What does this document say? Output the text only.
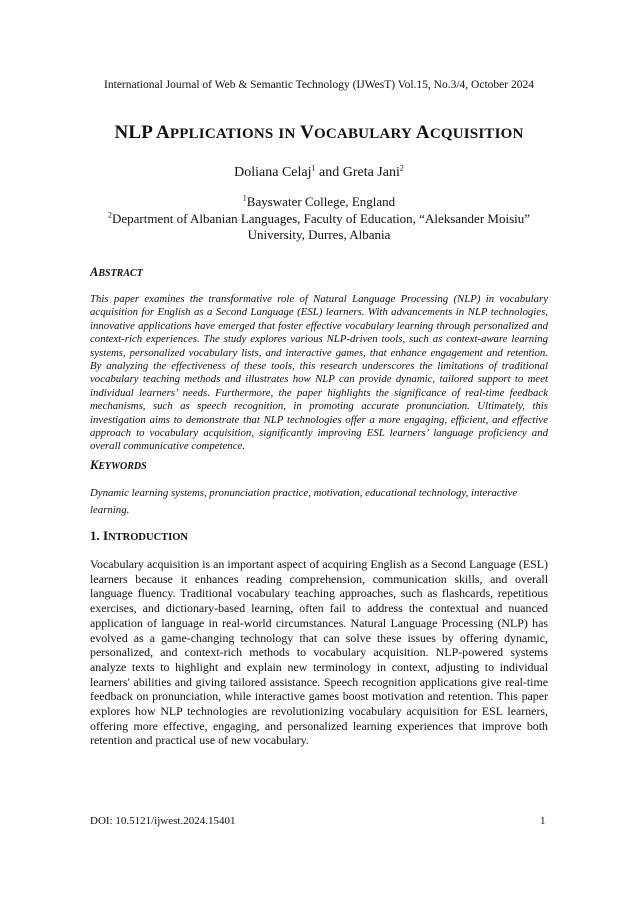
International Journal of Web & Semantic Technology (IJWesT) Vol.15, No.3/4, October 2024
NLP APPLICATIONS IN VOCABULARY ACQUISITION
Doliana Celaj$^1$ and Greta Jani$^2$
$^1$Bayswater College, England
$^2$Department of Albanian Languages, Faculty of Education, “Aleksander Moisiu”
University, Durres, Albania
ABSTRACT
This paper examines the transformative role of Natural Language Processing (NLP) in vocabulary acquisition for English as a Second Language (ESL) learners. With advancements in NLP technologies, innovative applications have emerged that foster effective vocabulary learning through personalized and context-rich experiences. The study explores various NLP-driven tools, such as context-aware learning systems, personalized vocabulary lists, and interactive games, that enhance engagement and retention. By analyzing the effectiveness of these tools, this research underscores the limitations of traditional vocabulary teaching methods and illustrates how NLP can provide dynamic, tailored support to meet individual learners’ needs. Furthermore, the paper highlights the significance of real-time feedback mechanisms, such as speech recognition, in promoting accurate pronunciation. Ultimately, this investigation aims to demonstrate that NLP technologies offer a more engaging, efficient, and effective approach to vocabulary acquisition, significantly improving ESL learners’ language proficiency and overall communicative competence.
KEYWORDS
Dynamic learning systems, pronunciation practice, motivation, educational technology, interactive learning.
1. INTRODUCTION
Vocabulary acquisition is an important aspect of acquiring English as a Second Language (ESL) learners because it enhances reading comprehension, communication skills, and overall language fluency. Traditional vocabulary teaching approaches, such as flashcards, repetitious exercises, and dictionary-based learning, often fail to address the contextual and nuanced application of language in real-world circumstances. Natural Language Processing (NLP) has evolved as a game-changing technology that can solve these issues by offering dynamic, personalized, and context-rich methods to vocabulary acquisition. NLP-powered systems analyze texts to highlight and explain new terminology in context, adjusting to individual learners' abilities and giving tailored assistance. Speech recognition applications give real-time feedback on pronunciation, while interactive games boost motivation and retention. This paper explores how NLP technologies are revolutionizing vocabulary acquisition for ESL learners, offering more effective, engaging, and personalized learning experiences that improve both retention and practical use of new vocabulary.
DOI: 10.5121/ijwest.2024.15401	1
